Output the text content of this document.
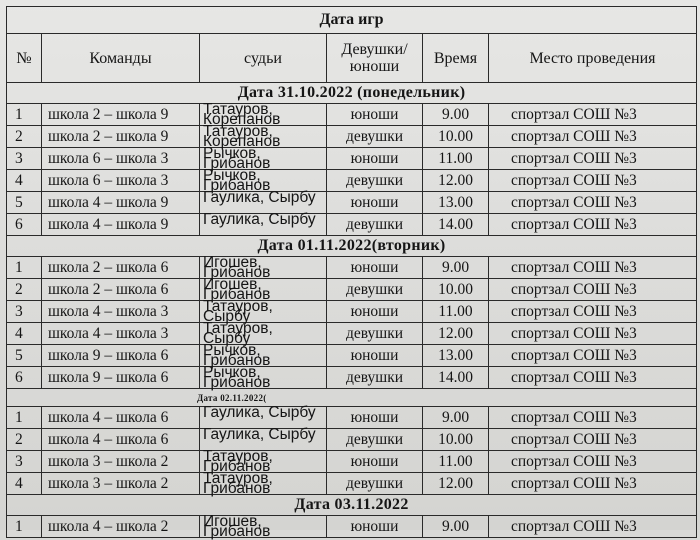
Дата игр					
№	Команды	судьи	Девушки/ юноши	Время	Место проведения
Дата 31.10.2022 (понедельник)					
1	школа 2 – школа 9	Татауров, Корепанов	юноши	9.00	спортзал СОШ №3
2	школа 2 – школа 9	Татауров, Корепанов	девушки	10.00	спортзал СОШ №3
3	школа 6 – школа 3	Рычков, Грибанов	юноши	11.00	спортзал СОШ №3
4	школа 6 – школа 3	Рычков, Грибанов	девушки	12.00	спортзал СОШ №3
5	школа 4 – школа 9	Гаулика, Сырбу	юноши	13.00	спортзал СОШ №3
6	школа 4 – школа 9	Гаулика, Сырбу	девушки	14.00	спортзал СОШ №3
Дата 01.11.2022(вторник)					
1	школа 2 – школа 6	Игошев, Грибанов	юноши	9.00	спортзал СОШ №3
2	школа 2 – школа 6	Игошев, Грибанов	девушки	10.00	спортзал СОШ №3
3	школа 4 – школа 3	Татауров, Сырбу	юноши	11.00	спортзал СОШ №3
4	школа 4 – школа 3	Татауров, Сырбу	девушки	12.00	спортзал СОШ №3
5	школа 9 – школа 6	Рычков, Грибанов	юноши	13.00	спортзал СОШ №3
6	школа 9 – школа 6	Рычков, Грибанов	девушки	14.00	спортзал СОШ №3
Дата 02.11.2022(					
1	школа 4 – школа 6	Гаулика, Сырбу	юноши	9.00	спортзал СОШ №3
2	школа 4 – школа 6	Гаулика, Сырбу	девушки	10.00	спортзал СОШ №3
3	школа 3 – школа 2	Татауров, Грибанов	юноши	11.00	спортзал СОШ №3
4	школа 3 – школа 2	Татауров, Грибанов	девушки	12.00	спортзал СОШ №3
Дата 03.11.2022					
1	школа 4 – школа 2	Игошев, Грибанов	юноши	9.00	спортзал СОШ №3
